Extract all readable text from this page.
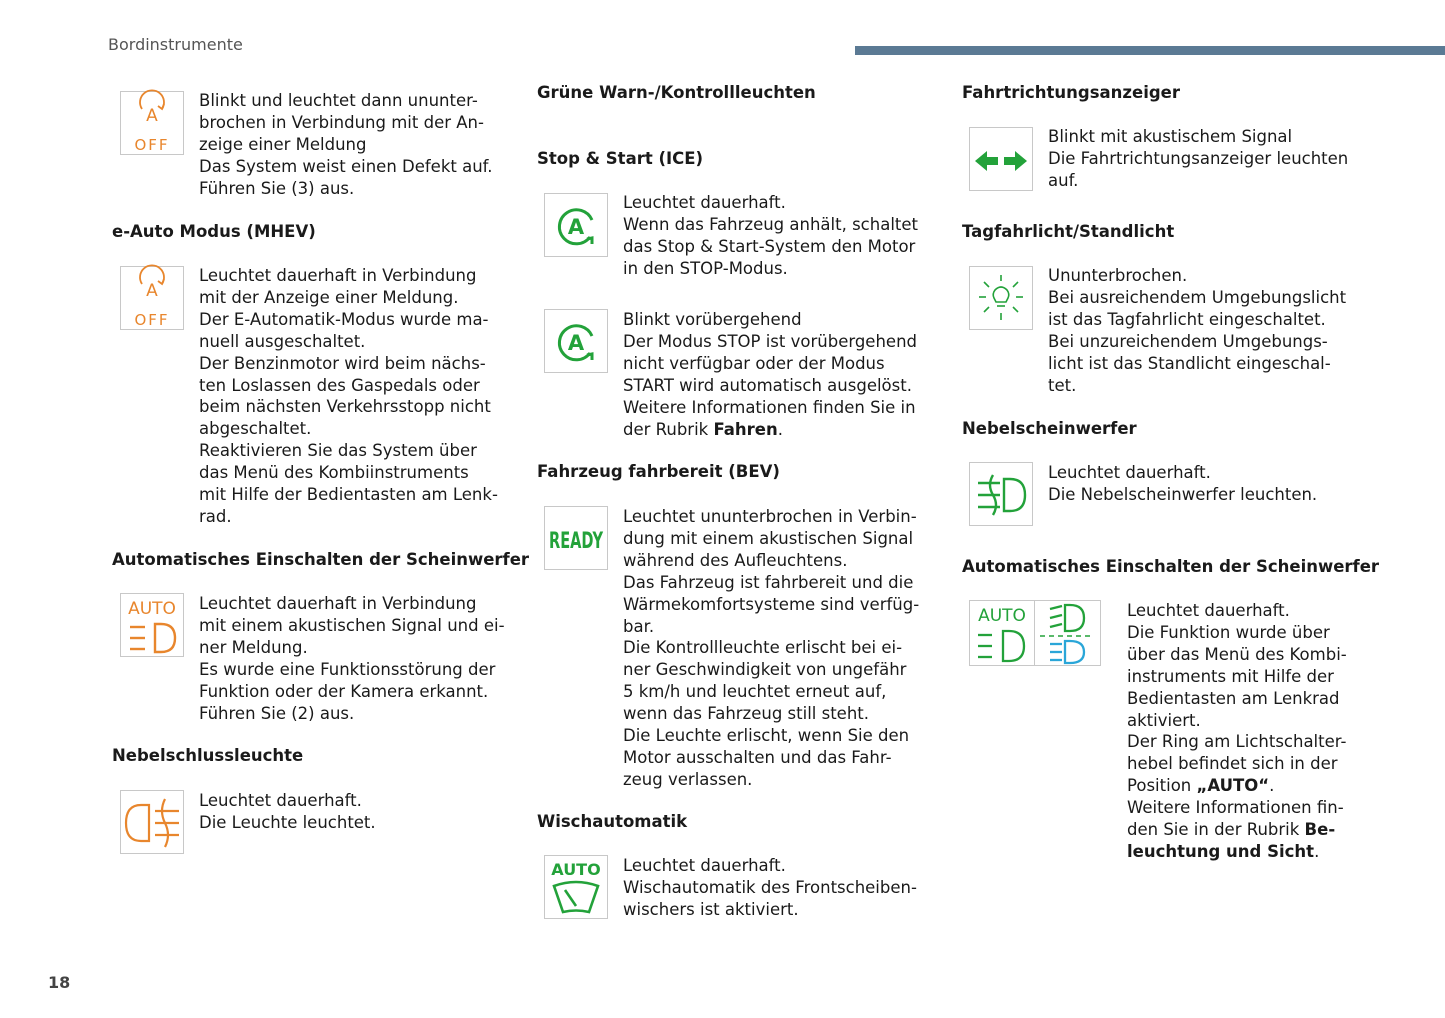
Bordinstrumente
A
OFF
Blinkt und leuchtet dann ununter-
brochen in Verbindung mit der An-
zeige einer Meldung
Das System weist einen Defekt auf.
Führen Sie (3) aus.
e-Auto Modus (MHEV)
A
OFF
Leuchtet dauerhaft in Verbindung
mit der Anzeige einer Meldung.
Der E-Automatik-Modus wurde ma-
nuell ausgeschaltet.
Der Benzinmotor wird beim nächs-
ten Loslassen des Gaspedals oder
beim nächsten Verkehrsstopp nicht
abgeschaltet.
Reaktivieren Sie das System über
das Menü des Kombiinstruments
mit Hilfe der Bedientasten am Lenk-
rad.
Automatisches Einschalten der Scheinwerfer
AUTO Leuchtet dauerhaft in Verbindung
mit einem akustischen Signal und ei-
ner Meldung.
Es wurde eine Funktionsstörung der
Funktion oder der Kamera erkannt.
Führen Sie (2) aus.
Nebelschlussleuchte
Leuchtet dauerhaft.
Die Leuchte leuchtet.
Grüne Warn-/Kontrollleuchten
Stop & Start (ICE)
A
Leuchtet dauerhaft.
Wenn das Fahrzeug anhält, schaltet
das Stop & Start-System den Motor
in den STOP-Modus.
A
Blinkt vorübergehend
Der Modus STOP ist vorübergehend
nicht verfügbar oder der Modus
START wird automatisch ausgelöst.
Weitere Informationen finden Sie in
der Rubrik Fahren.
Fahrzeug fahrbereit (BEV)
READY
Leuchtet ununterbrochen in Verbin-
dung mit einem akustischen Signal
während des Aufleuchtens.
Das Fahrzeug ist fahrbereit und die
Wärmekomfortsysteme sind verfüg-
bar.
Die Kontrollleuchte erlischt bei ei-
ner Geschwindigkeit von ungefähr
5 km/h und leuchtet erneut auf,
wenn das Fahrzeug still steht.
Die Leuchte erlischt, wenn Sie den
Motor ausschalten und das Fahr-
zeug verlassen.
Wischautomatik
AUTO Leuchtet dauerhaft.
Wischautomatik des Frontscheiben-
wischers ist aktiviert.
Fahrtrichtungsanzeiger
Blinkt mit akustischem Signal
Die Fahrtrichtungsanzeiger leuchten
auf.
Tagfahrlicht/Standlicht
Ununterbrochen.
Bei ausreichendem Umgebungslicht
ist das Tagfahrlicht eingeschaltet.
Bei unzureichendem Umgebungs-
licht ist das Standlicht eingeschal-
tet.
Nebelscheinwerfer
Leuchtet dauerhaft.
Die Nebelscheinwerfer leuchten.
Automatisches Einschalten der Scheinwerfer
AUTO	Leuchtet dauerhaft.
Die Funktion wurde über
über das Menü des Kombi-
instruments mit Hilfe der
Bedientasten am Lenkrad
aktiviert.
Der Ring am Lichtschalter-
hebel befindet sich in der
Position „AUTO“.
Weitere Informationen fin-
den Sie in der Rubrik Be-
leuchtung und Sicht.
18
